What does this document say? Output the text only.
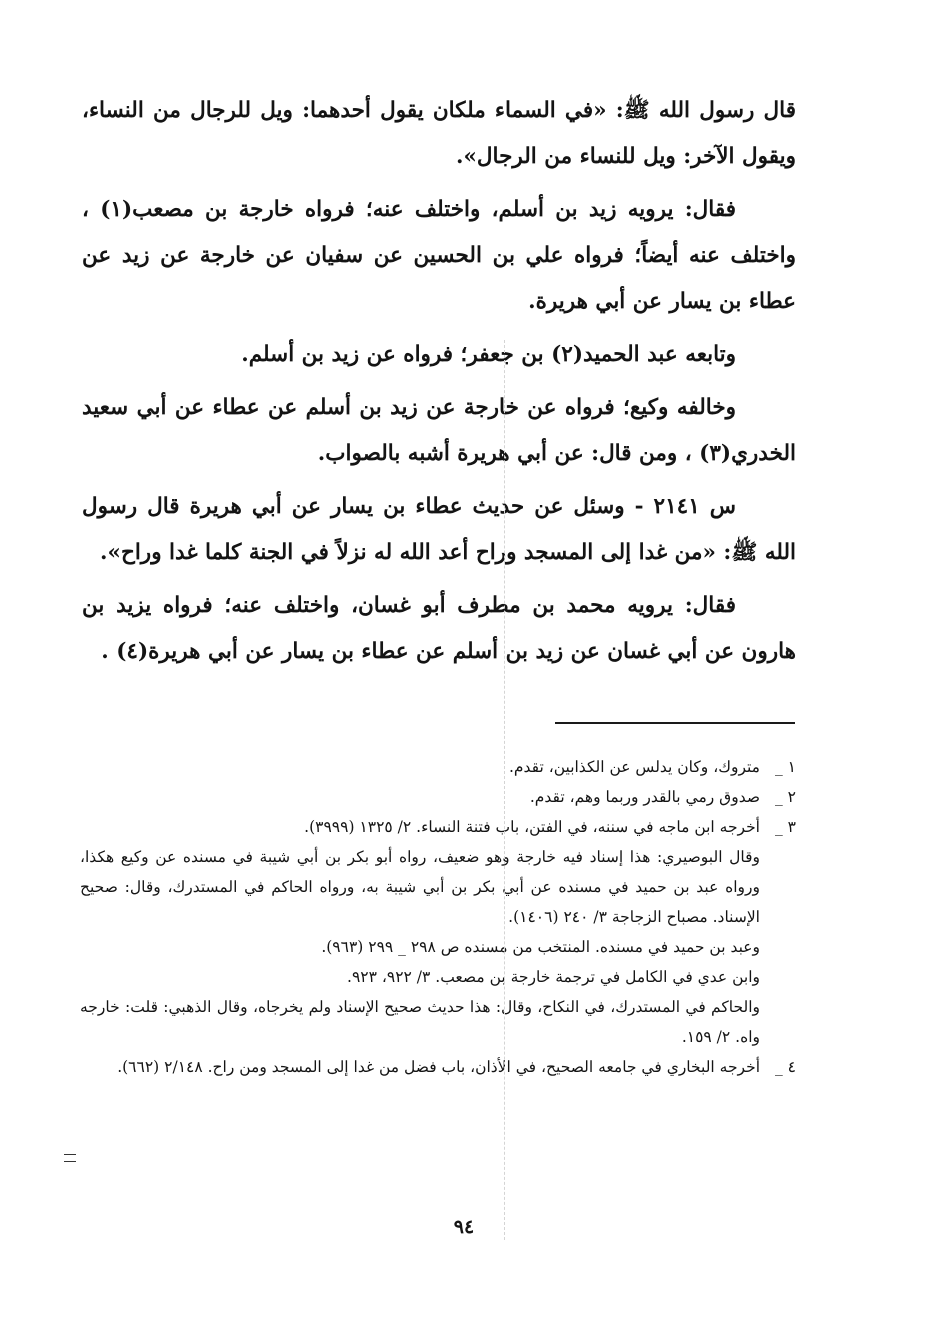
قال رسول الله ﷺ: «في السماء ملكان يقول أحدهما: ويل للرجال من النساء، ويقول الآخر: ويل للنساء من الرجال».

فقال: يرويه زيد بن أسلم، واختلف عنه؛ فرواه خارجة بن مصعب(١) ، واختلف عنه أيضاً؛ فرواه علي بن الحسين عن سفيان عن خارجة عن زيد عن عطاء بن يسار عن أبي هريرة.

وتابعه عبد الحميد(٢) بن جعفر؛ فرواه عن زيد بن أسلم.

وخالفه وكيع؛ فرواه عن خارجة عن زيد بن أسلم عن عطاء عن أبي سعيد الخدري(٣) ، ومن قال: عن أبي هريرة أشبه بالصواب.

س ٢١٤١ - وسئل عن حديث عطاء بن يسار عن أبي هريرة قال رسول الله ﷺ: «من غدا إلى المسجد وراح أعد الله له نزلاً في الجنة كلما غدا وراح».

فقال: يرويه محمد بن مطرف أبو غسان، واختلف عنه؛ فرواه يزيد بن هارون عن أبي غسان عن زيد بن أسلم عن عطاء بن يسار عن أبي هريرة(٤) .

١ _
متروك، وكان يدلس عن الكذابين، تقدم.
٢ _
صدوق رمي بالقدر وربما وهم، تقدم.
٣ _
أخرجه ابن ماجه في سننه، في الفتن، باب فتنة النساء. ٢/ ١٣٢٥ (٣٩٩٩).
وقال البوصيري: هذا إسناد فيه خارجة وهو ضعيف، رواه أبو بكر بن أبي شيبة في مسنده عن وكيع هكذا، ورواه عبد بن حميد في مسنده عن أبي بكر بن أبي شيبة به، ورواه الحاكم في المستدرك، وقال: صحيح الإسناد. مصباح الزجاجة ٣/ ٢٤٠ (١٤٠٦).
وعبد بن حميد في مسنده. المنتخب من مسنده ص ٢٩٨ _ ٢٩٩ (٩٦٣).
وابن عدي في الكامل في ترجمة خارجة بن مصعب. ٣/ ٩٢٢، ٩٢٣.
والحاكم في المستدرك، في النكاح، وقال: هذا حديث صحيح الإسناد ولم يخرجاه، وقال الذهبي: قلت: خارجه واه. ٢/ ١٥٩.
٤ _
أخرجه البخاري في جامعه الصحيح، في الأذان، باب فضل من غدا إلى المسجد ومن راح. ٢/١٤٨ (٦٦٢).
٩٤
